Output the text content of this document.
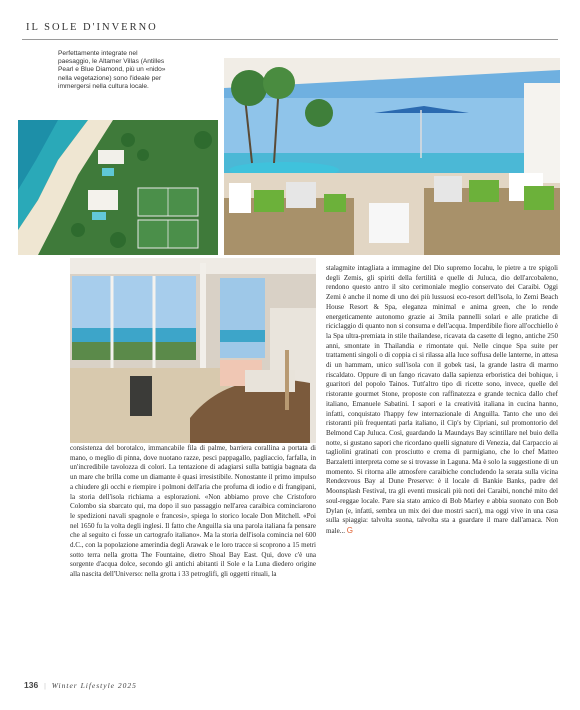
IL SOLE D'INVERNO
Perfettamente integrate nel paesaggio, le Altamer Villas (Antilles Pearl e Blue Diamond, più un «nido» nella vegetazione) sono l'ideale per immergersi nella cultura locale.

consistenza del borotalco, immancabile fila di palme, barriera corallina a portata di mano, o meglio di pinna, dove nuotano razze, pesci pappagallo, pagliaccio, farfalla, in un'incredibile tavolozza di colori. La tentazione di adagiarsi sulla battigia bagnata da un mare che brilla come un diamante è quasi irresistibile. Nonostante il primo impulso a chiudere gli occhi e riempire i polmoni dell'aria che profuma di iodio e di frangipani, la storia dell'isola richiama a esplorazioni. «Non abbiamo prove che Cristoforo Colombo sia sbarcato qui, ma dopo il suo passaggio nell'area caraibica cominciarono le spedizioni navali spagnole e francesi», spiega lo storico locale Don Mitchell. «Poi nel 1650 fu la volta degli inglesi. Il fatto che Anguilla sia una parola italiana fa pensare che al seguito ci fosse un cartografo italiano». Ma la storia dell'isola comincia nel 600 d.C., con la popolazione amerindia degli Arawak e le loro tracce si scoprono a 15 metri sotto terra nella grotta The Fountaine, dietro Shoal Bay East. Qui, dove c'è una sorgente d'acqua dolce, secondo gli antichi abitanti il Sole e la Luna diedero origine alla nascita dell'Universo: nella grotta i 33 petroglifi, gli oggetti rituali, la

stalagmite intagliata a immagine del Dio supremo Iocahu, le pietre a tre spigoli degli Zemis, gli spiriti della fertilità e quelle di Juluca, dio dell'arcobaleno, rendono questo antro il sito cerimoniale meglio conservato dei Caraibi. Oggi Zemi è anche il nome di uno dei più lussuosi eco-resort dell'isola, lo Zemi Beach House Resort & Spa, eleganza minimal e anima green, che lo rende energeticamente autonomo grazie ai 3mila pannelli solari e alle pratiche di riciclaggio di quanto non si consuma e dell'acqua. Imperdibile fiore all'occhiello è la Spa ultra-premiata in stile thailandese, ricavata da casette di legno, antiche 250 anni, smontate in Thailandia e rimontate qui. Nelle cinque Spa suite per trattamenti singoli o di coppia ci si rilassa alla luce soffusa delle lanterne, in attesa di un hammam, unico sull'isola con il gobek tasi, la grande lastra di marmo riscaldato. Oppure di un fango ricavato dalla sapienza erboristica dei bohique, i guaritori del popolo Tainos. Tutt'altro tipo di ricette sono, invece, quelle del ristorante gourmet Stone, proposte con raffinatezza e grande tecnica dallo chef italiano, Emanuele Sabatini. I sapori e la creatività italiana in cucina hanno, infatti, conquistato l'happy few internazionale di Anguilla. Tanto che uno dei ristoranti più frequentati parla italiano, il Cip's by Cipriani, sul promontorio del Belmond Cap Juluca. Così, guardando la Maundays Bay scintillare nel buio della notte, si gustano sapori che ricordano quelli signature di Venezia, dal Carpaccio ai tagliolini gratinati con prosciutto e crema di parmigiano, che lo chef Matteo Barzaletti interpreta come se si trovasse in Laguna. Ma è solo la suggestione di un momento. Si ritorna alle atmosfere caraibiche concludendo la serata sulla vicina Rendezvous Bay al Dune Preserve: è il locale di Bankie Banks, padre del Moonsplash Festival, tra gli eventi musicali più noti dei Caraibi, nonché mito del soul-reggae locale. Pare sia stato amico di Bob Marley e abbia suonato con Bob Dylan (e, infatti, sembra un mix dei due mostri sacri), ma oggi vive in una casa sulla spiaggia: talvolta suona, talvolta sta a guardare il mare dall'amaca. Non male... G

136 | Winter Lifestyle 2025
